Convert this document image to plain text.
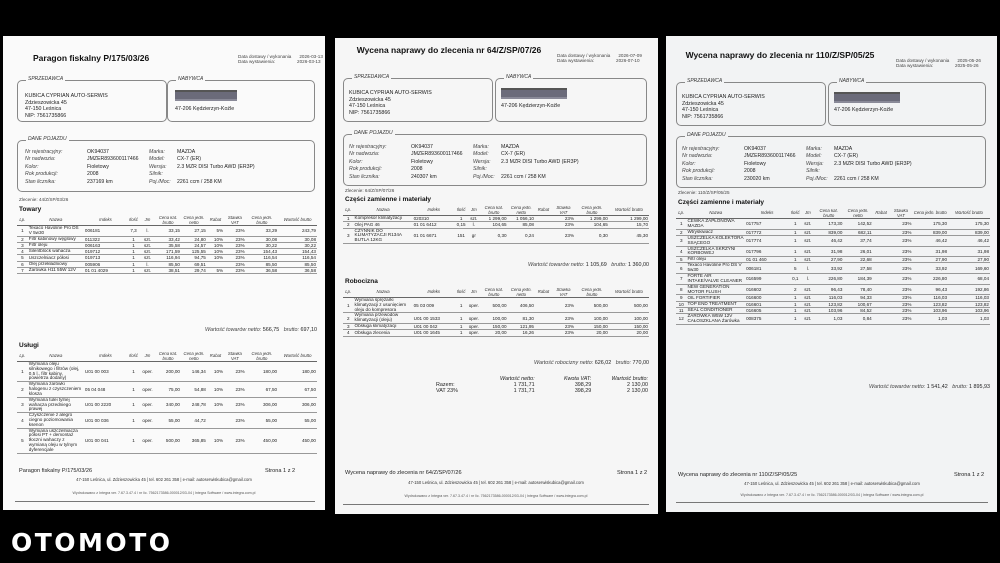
Paragon fiskalny P/175/03/26	Data dostawy / wykonania 2026-03-13
Data wystawienia:	2026-03-13
SPRZEDAWCA
KUBICA CYPRIAN AUTO-SERWIS
Zdzieszowicka 45
47-150 Leśnica
NIP: 7561735866
NABYWCA
47-206 Kędzierzyn-Koźle
DANE POJAZDU
Nr rejestracyjny:	OK94037	Marka:	MAZDA
Nr nadwozia:	JMZER893600117466	Model:	CX-7 (ER)
Kolor:	Fioletowy	Wersja:	2.3 MZR DISI Turbo AWD (ER3P)
Rok produkcji:	2008	Silnik:
Stan licznika:	237169 km	Poj./Moc:	2261 ccm / 258 KM
Zlecenie: 44/Z/SP/03/26
Towary
Lp.	Nazwa	Indeks	Ilość	Jm	Cena kat. brutto	Cena jedn. netto	Rabat	Stawka VAT	Cena jedn. brutto	Wartość brutto
1	Texaco Havoline Pro DS V 5w30	006181	7,3	l.	33,15	27,15	5%	23%	33,29	243,79
2	Filtr kabinowy węglowy	011322	1	szt.	33,42	24,80	10%	23%	30,08	30,08
3	Filtr oleju	006163	1	szt.	35,58	24,57	10%	23%	30,22	30,22
4	Silentblock wahacza	019712	1	szt.	171,59	125,55	10%	23%	154,43	154,43
5	Uszczelniacz półosi	019713	1	szt.	116,94	94,75	10%	23%	116,54	116,54
6	Olej przekładniowy	005906	1	l.	85,50	69,51		23%	85,50	85,50
7	Żarówka H11 55W 12V	01 01 4029	1	szt.	38,51	29,74	5%	23%	36,58	36,58
Wartość towarów netto: 566,75 brutto: 697,10
Usługi
Lp.	Nazwa	Indeks	Ilość	Jm	Cena kat. brutto	Cena jedn. netto	Rabat	Stawka VAT	Cena jedn. brutto	Wartość brutto
1	Wymiana oleju silnikowego i filtrów (olej, 0,5 l., filtr kabiny, powietrza dodany)	U01 00 003	1	oper.	200,00	146,34	10%	23%	180,00	180,00
2	Wymiana żarówki halogenu z czyszczeniem klosza	05 04 048	1	oper.	75,00	54,88	10%	23%	67,50	67,50
3	Wymiana tulei tylnej wahacza przedniego prawej	U01 00 2220	1	oper.	340,00	248,78	10%	23%	306,00	306,00
4	Czyszczenie z alegro ciegno poziomowania ksenon	U01 00 036	1	oper.	55,00	44,72		23%	55,00	55,00
5	Wymiana uszczelniacza półosi PT + demontaż tłoczni wahaczy z wymianą oleju w tylnym dyferencjale	U01 00 041	1	oper.	500,00	365,85	10%	23%	450,00	450,00
Paragon fiskalny P/175/03/26	Strona 1 z 2
47-150 Leśnica, ul. Zdzieszowicka 45 | tel. 602 261 358 | e-mail: autoserwiskubica@gmail.com
Wydrukowano z Integra ver. 7.67.3.47.4 / nr lic. 7562173586-000012/03-04 | Integra Software / www.integra.com.pl
Wycena naprawy do zlecenia nr 64/Z/SP/07/26
Data dostawy / wykonania 2026-07-09
Data wystawienia:	2026-07-10
SPRZEDAWCA
KUBICA CYPRIAN AUTO-SERWIS
Zdzieszowicka 45
47-150 Leśnica
NIP: 7561735866
NABYWCA
47-206 Kędzierzyn-Koźle
DANE POJAZDU
Nr rejestracyjny:	OK94037	Marka:	MAZDA
Nr nadwozia:	JMZER893600117466	Model:	CX-7 (ER)
Kolor:	Fioletowy	Wersja:	2.3 MZR DISI Turbo AWD (ER3P)
Rok produkcji:	2008	Silnik:
Stan licznika:	240307 km	Poj./Moc:	2261 ccm / 258 KM
Zlecenie: 64/Z/SP/07/26
Części zamienne i materiały
Lp.	Nazwa	Indeks	Ilość	Jm	Cena kat. brutto	Cena jedn. netto	Rabat	Stawka VAT	Cena jedn. brutto	Wartość brutto
1	Kompresor klimatyzacji	020310	1	szt.	1 299,00	1 056,10		23%	1 299,00	1 299,00
2	Olej PAG 46	01 01 6412	0,15	l.	104,65	85,08		23%	104,65	15,70
3	CZYNNIK DO KLIMATYZACJI R134A BUTLA 12KG	01 01 6671	151	gr	0,30	0,24		23%	0,30	45,30
Wartość towarów netto: 1 105,69 brutto: 1 360,00
Robocizna
Lp.	Nazwa	Indeks	Ilość	Jm	Cena kat. brutto	Cena jedn. netto	Rabat	Stawka VAT	Cena jedn. brutto	Wartość brutto
1	Wymiana sprężarki klimatyzacji z usunięciem oleju do kompresora	05 03 009	1	oper.	500,00	406,50		23%	500,00	500,00
2	Wymiana przewodów klimatyzacji (oleju)	U01 00 1533	1	oper.	100,00	81,30		23%	100,00	100,00
3	Obsługa klimatyzacji	U01 00 042	1	oper.	150,00	121,95		23%	150,00	150,00
4	Obsługa zlecenia	U01 00 1645	1	oper.	20,00	16,26		23%	20,00	20,00
Wartość robocizny netto: 626,02 brutto: 770,00
	Wartość netto:	Kwota VAT:	Wartość brutto:
Razem:	1 731,71	398,29	2 130,00
VAT 23%	1 731,71	398,29	2 130,00
Wycena naprawy do zlecenia nr 64/Z/SP/07/26	Strona 1 z 2
47-150 Leśnica, ul. Zdzieszowicka 45 | tel. 602 261 358 | e-mail: autoserwiskubica@gmail.com
Wydrukowano z Integra ver. 7.67.3.47.4 / nr lic. 7562173586-000012/03-04 | Integra Software / www.integra.com.pl
Wycena naprawy do zlecenia nr 110/Z/SP/05/25
Data dostawy / wykonania 2025-05-26
Data wystawienia:	2025-05-26
SPRZEDAWCA
KUBICA CYPRIAN AUTO-SERWIS
Zdzieszowicka 45
47-150 Leśnica
NIP: 7561735866
NABYWCA
47-206 Kędzierzyn-Koźle
DANE POJAZDU
Nr rejestracyjny:	OK94037	Marka:	MAZDA
Nr nadwozia:	JMZER893600117466	Model:	CX-7 (ER)
Kolor:	Fioletowy	Wersja:	2.3 MZR DISI Turbo AWD (ER3P)
Rok produkcji:	2008	Silnik:
Stan licznika:	230020 km	Poj./Moc:	2261 ccm / 258 KM
Zlecenie: 110/Z/SP/05/25
Części zamienne i materiały
Lp.	Nazwa	Indeks	Ilość	Jm	Cena kat. brutto	Cena jedn. netto	Rabat	Stawka VAT	Cena jedn. brutto	Wartość brutto
1	CEWKA ZAPŁONOWA MAZDA	017757	1	szt.	173,30	142,52		23%	175,30	175,30
2	Wtryskiwacz	017772	1	szt.	839,00	682,11		23%	839,00	839,00
3	USZCZELKA KOLEKTORA SSĄCEGO	017774	1	szt.	46,42	37,74		23%	46,42	46,42
4	USZCZELKA SKRZYNI KORBOWEJ	017796	1	szt.	31,98	26,01		23%	31,98	31,98
5	Filtr oleju	01 01 460	1	szt.	27,90	22,68		23%	27,90	27,90
6	Texaco Havoline Pro DS V 5w30	006181	5	l.	33,92	27,58		23%	33,92	169,60
7	FORTE AIR INTAKE/VALVE CLEANER	016599	0,1	l.	226,80	184,39		23%	226,80	68,04
8	NEW GENERATION MOTOR FLUSH	016602	2	szt.	96,43	78,40		23%	96,43	192,86
9	OIL FORTIFIER	016600	1	szt.	116,03	94,33		23%	116,03	116,03
10	TOP END TREATMENT	016601	1	szt.	123,82	100,67		23%	123,82	123,82
11	SEAL CONDITIONER	016605	1	szt.	103,96	84,52		23%	103,96	103,96
12	ŻARÓWKA W5W 12V CAŁOSZKLANA Żarówka	008375	1	szt.	1,03	0,84		23%	1,03	1,03
Wartość towarów netto: 1 541,42 brutto: 1 895,93
Wycena naprawy do zlecenia nr 110/Z/SP/05/25	Strona 1 z 2
47-150 Leśnica, ul. Zdzieszowicka 45 | tel. 602 261 358 | e-mail: autoserwiskubica@gmail.com
Wydrukowano z Integra ver. 7.67.3.47.4 / nr lic. 7562173586-000012/03-04 | Integra Software / www.integra.com.pl
OTOMOTO
